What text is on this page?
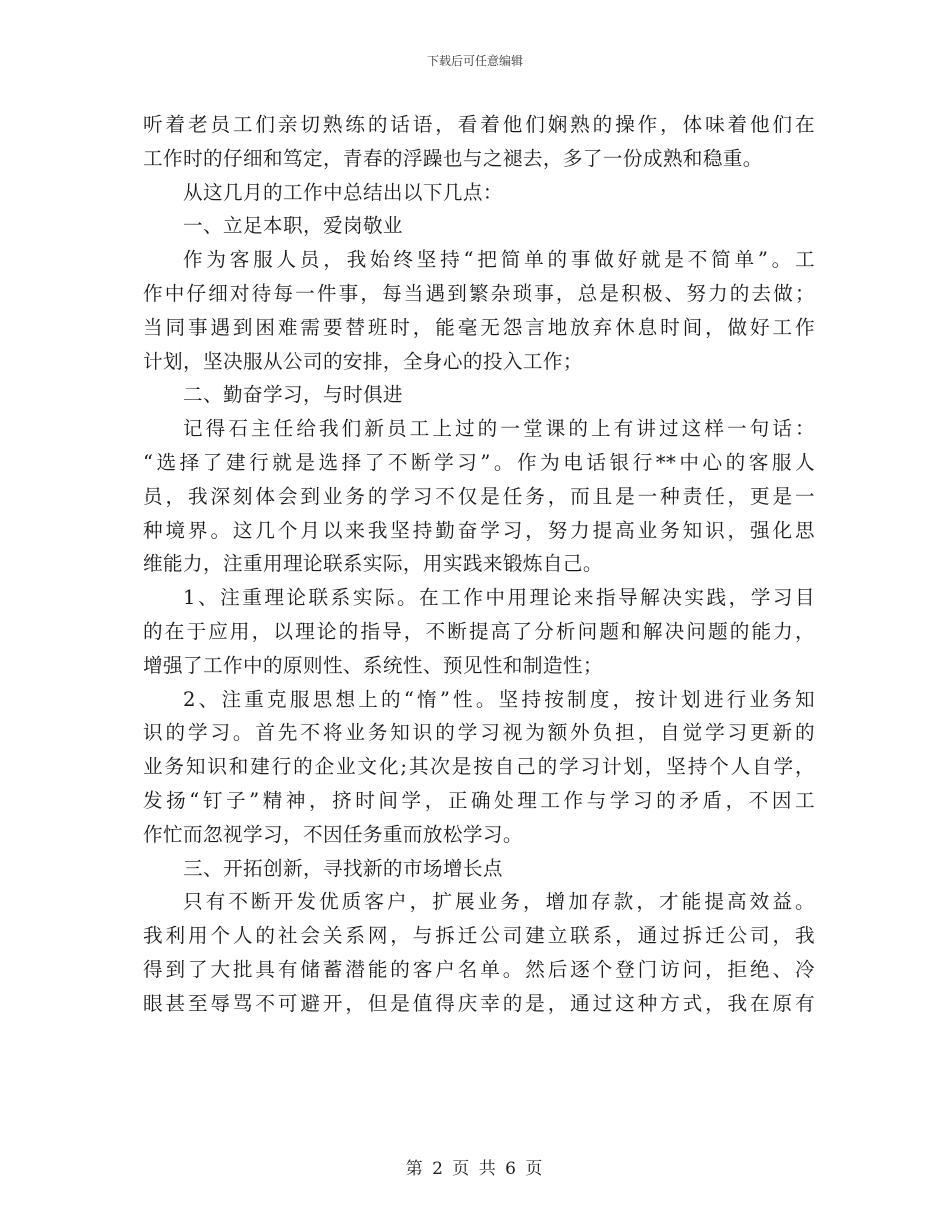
下载后可任意编辑
听着老员工们亲切熟练的话语，看着他们娴熟的操作，体味着他们在
工作时的仔细和笃定，青春的浮躁也与之褪去，多了一份成熟和稳重。
从这几月的工作中总结出以下几点：
一、立足本职，爱岗敬业
作为客服人员，我始终坚持“把简单的事做好就是不简单”。工
作中仔细对待每一件事，每当遇到繁杂琐事，总是积极、努力的去做；
当同事遇到困难需要替班时，能毫无怨言地放弃休息时间，做好工作
计划，坚决服从公司的安排，全身心的投入工作；
二、勤奋学习，与时俱进
记得石主任给我们新员工上过的一堂课的上有讲过这样一句话：
“选择了建行就是选择了不断学习”。作为电话银行**中心的客服人
员，我深刻体会到业务的学习不仅是任务，而且是一种责任，更是一
种境界。这几个月以来我坚持勤奋学习，努力提高业务知识，强化思
维能力，注重用理论联系实际，用实践来锻炼自己。
1、注重理论联系实际。在工作中用理论来指导解决实践，学习目
的在于应用，以理论的指导，不断提高了分析问题和解决问题的能力，
增强了工作中的原则性、系统性、预见性和制造性；
2、注重克服思想上的“惰”性。坚持按制度，按计划进行业务知
识的学习。首先不将业务知识的学习视为额外负担，自觉学习更新的
业务知识和建行的企业文化;其次是按自己的学习计划，坚持个人自学，
发扬“钉子”精神，挤时间学，正确处理工作与学习的矛盾，不因工
作忙而忽视学习，不因任务重而放松学习。
三、开拓创新，寻找新的市场增长点
只有不断开发优质客户，扩展业务，增加存款，才能提高效益。
我利用个人的社会关系网，与拆迁公司建立联系，通过拆迁公司，我
得到了大批具有储蓄潜能的客户名单。然后逐个登门访问，拒绝、冷
眼甚至辱骂不可避开，但是值得庆幸的是，通过这种方式，我在原有
第 2 页 共 6 页
